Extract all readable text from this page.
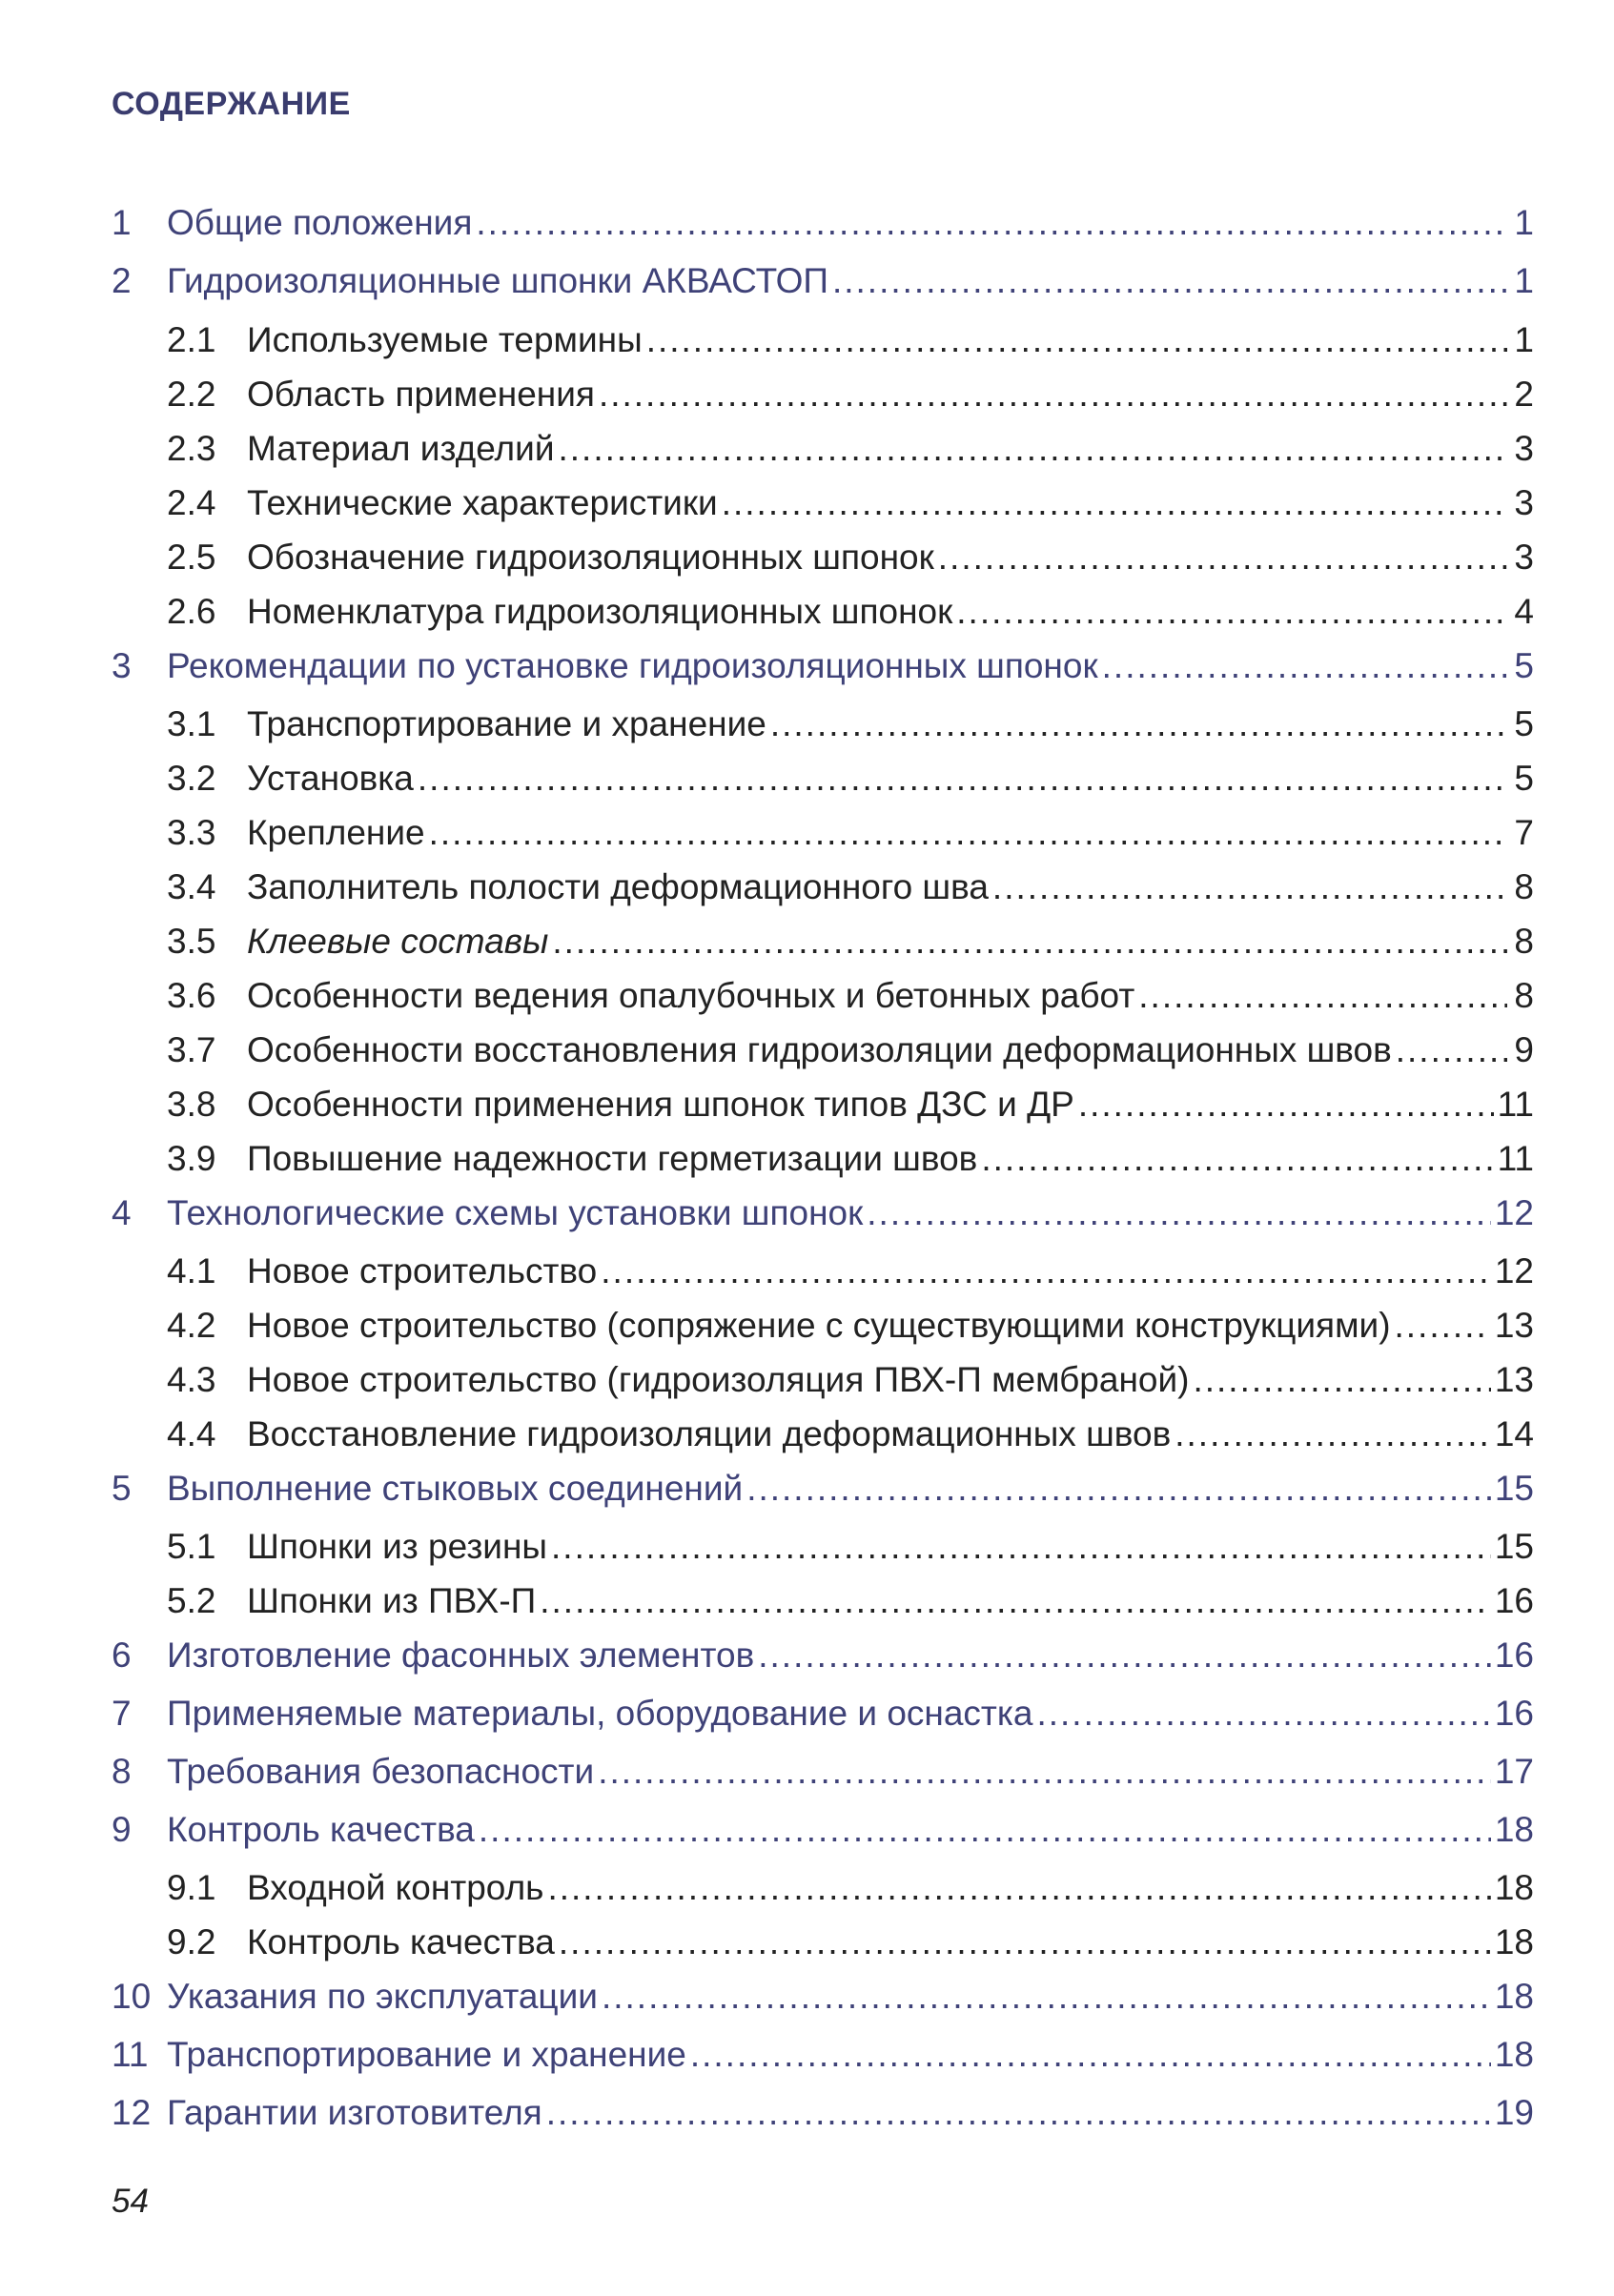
СОДЕРЖАНИЕ
1	Общие положения .....	1
2	Гидроизоляционные шпонки АКВАСТОП .....	1
2.1 Используемые термины .....	1
2.2 Область применения .....	2
2.3 Материал изделий .....	3
2.4 Технические характеристики .....	3
2.5 Обозначение гидроизоляционных шпонок .....	3
2.6 Номенклатура гидроизоляционных шпонок .....	4
3	Рекомендации по установке гидроизоляционных шпонок .....	5
3.1 Транспортирование и хранение .....	5
3.2 Установка .....	5
3.3 Крепление .....	7
3.4 Заполнитель полости деформационного шва .....	8
3.5 Клеевые составы .....	8
3.6 Особенности ведения опалубочных и бетонных работ .....	8
3.7 Особенности восстановления гидроизоляции деформационных швов .....	9
3.8 Особенности применения шпонок типов ДЗС и ДР .....	11
3.9 Повышение надежности герметизации швов .....	11
4	Технологические схемы установки шпонок .....	12
4.1 Новое строительство .....	12
4.2 Новое строительство (сопряжение с существующими конструкциями) .....	13
4.3 Новое строительство (гидроизоляция ПВХ-П мембраной) .....	13
4.4 Восстановление гидроизоляции деформационных швов .....	14
5	Выполнение стыковых соединений .....	15
5.1 Шпонки из резины .....	15
5.2 Шпонки из ПВХ-П .....	16
6	Изготовление фасонных элементов .....	16
7	Применяемые материалы, оборудование и оснастка .....	16
8	Требования безопасности .....	17
9	Контроль качества .....	18
9.1 Входной контроль .....	18
9.2 Контроль качества .....	18
10 Указания по эксплуатации .....	18
11 Транспортирование и хранение .....	18
12 Гарантии изготовителя .....	19
54
